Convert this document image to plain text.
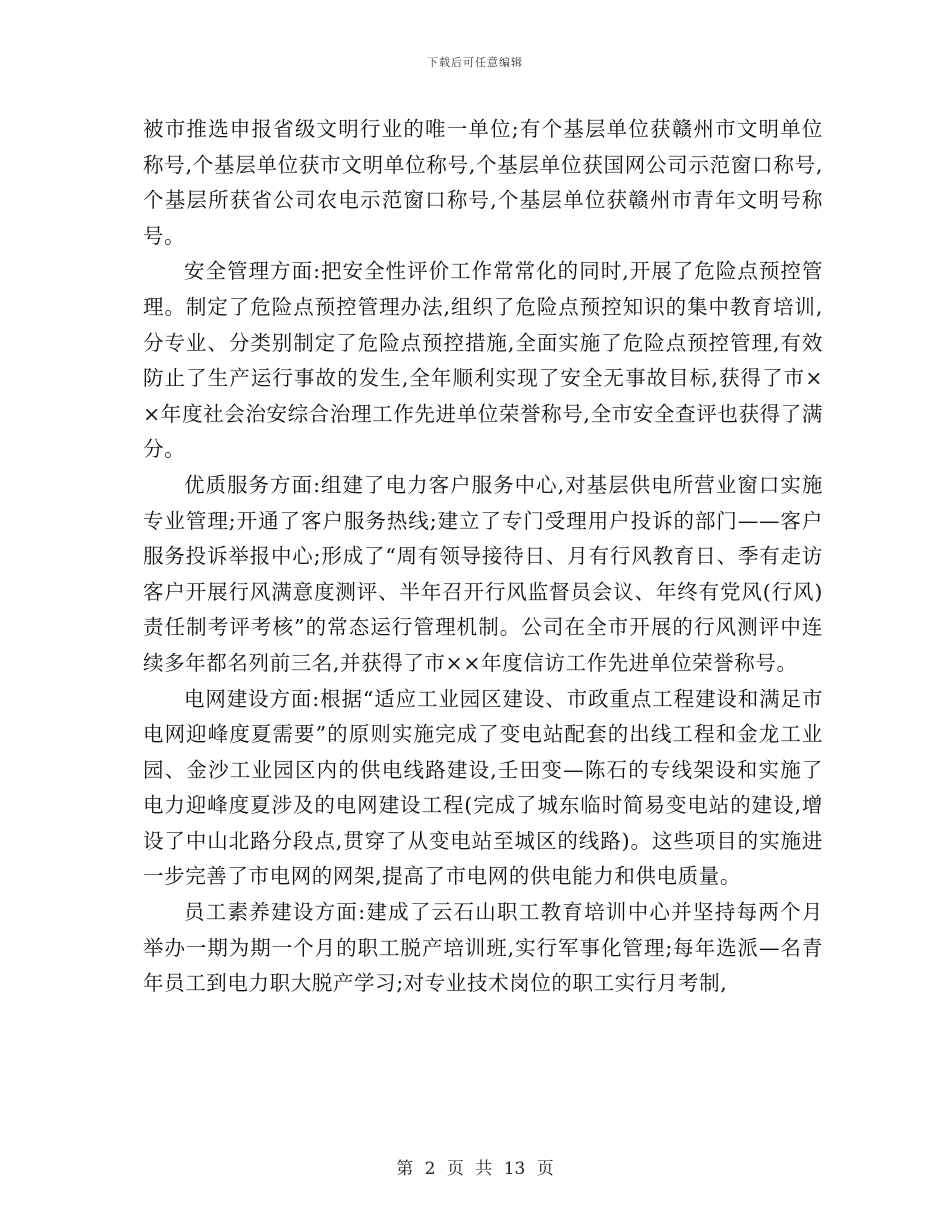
下载后可任意编辑

被市推选申报省级文明行业的唯一单位;有个基层单位获赣州市文明单位称号,个基层单位获市文明单位称号,个基层单位获国网公司示范窗口称号,个基层所获省公司农电示范窗口称号,个基层单位获赣州市青年文明号称号。

安全管理方面:把安全性评价工作常常化的同时,开展了危险点预控管理。制定了危险点预控管理办法,组织了危险点预控知识的集中教育培训,分专业、分类别制定了危险点预控措施,全面实施了危险点预控管理,有效防止了生产运行事故的发生,全年顺利实现了安全无事故目标,获得了市××年度社会治安综合治理工作先进单位荣誉称号,全市安全查评也获得了满分。

优质服务方面:组建了电力客户服务中心,对基层供电所营业窗口实施专业管理;开通了客户服务热线;建立了专门受理用户投诉的部门——客户服务投诉举报中心;形成了“周有领导接待日、月有行风教育日、季有走访客户开展行风满意度测评、半年召开行风监督员会议、年终有党风(行风)责任制考评考核”的常态运行管理机制。公司在全市开展的行风测评中连续多年都名列前三名,并获得了市××年度信访工作先进单位荣誉称号。

电网建设方面:根据“适应工业园区建设、市政重点工程建设和满足市电网迎峰度夏需要”的原则实施完成了变电站配套的出线工程和金龙工业园、金沙工业园区内的供电线路建设,壬田变—陈石的专线架设和实施了电力迎峰度夏涉及的电网建设工程(完成了城东临时简易变电站的建设,增设了中山北路分段点,贯穿了从变电站至城区的线路)。这些项目的实施进一步完善了市电网的网架,提高了市电网的供电能力和供电质量。

员工素养建设方面:建成了云石山职工教育培训中心并坚持每两个月举办一期为期一个月的职工脱产培训班,实行军事化管理;每年选派—名青年员工到电力职大脱产学习;对专业技术岗位的职工实行月考制,

第 2 页 共 13 页
